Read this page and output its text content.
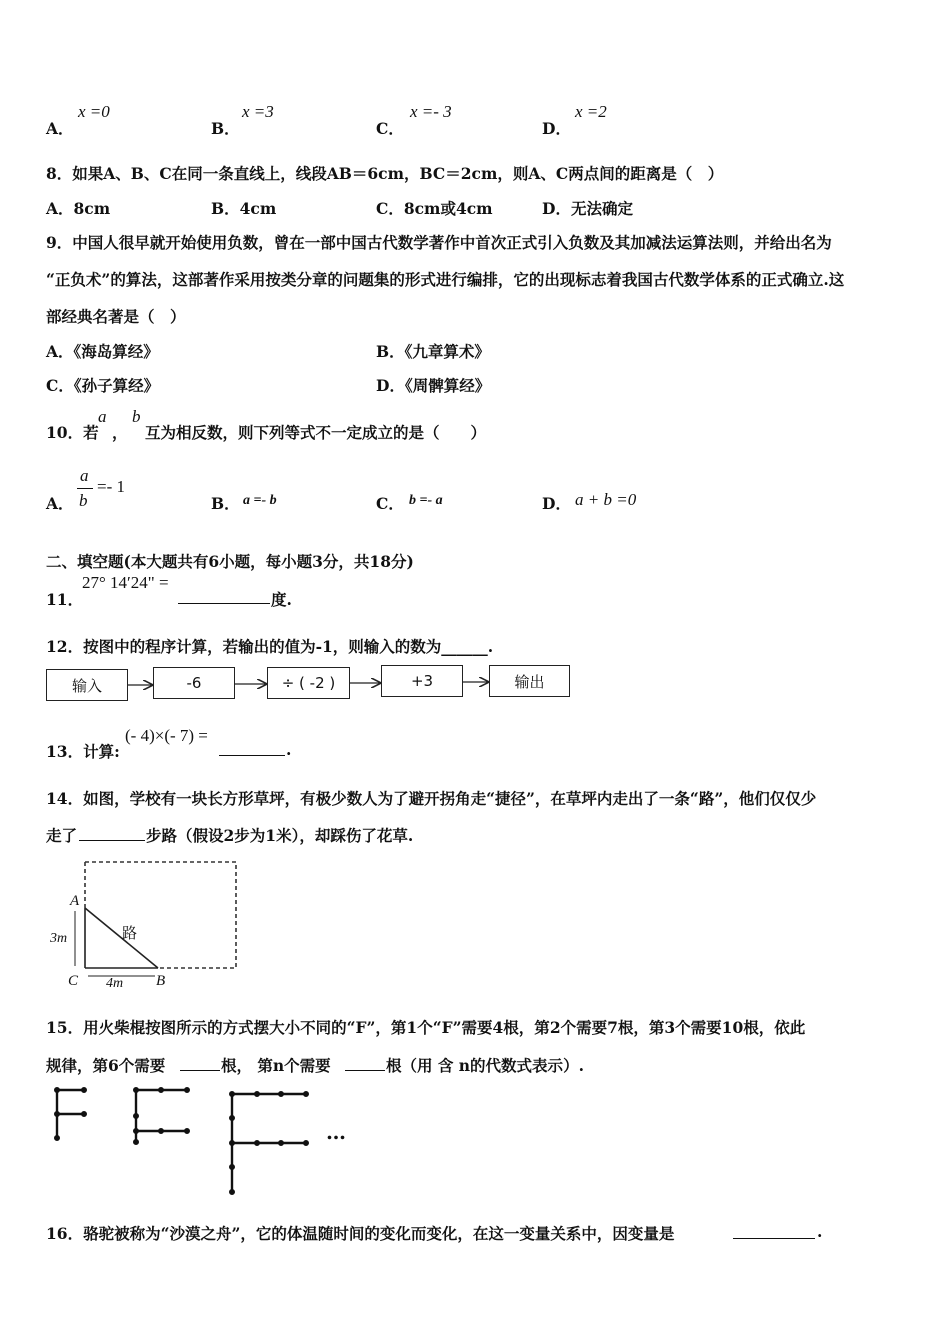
A．
x =0
B．
x =3
C．
x =- 3
D．
x =2
8．如果A、B、C在同一条直线上，线段AB＝6cm，BC＝2cm，则A、C两点间的距离是（　）
A．8cm	B．4cm	C．8cm或4cm	D．无法确定
9．中国人很早就开始使用负数，曾在一部中国古代数学著作中首次正式引入负数及其加减法运算法则，并给出名为
“正负术”的算法，这部著作采用按类分章的问题集的形式进行编排，它的出现标志着我国古代数学体系的正式确立.这
部经典名著是（　）
A．《海岛算经》	B．《九章算术》
C．《孙子算经》	D．《周髀算经》
10．若
a
，
b
互为相反数，则下列等式不一定成立的是（　　）
A．
a
b
=- 1
B． a =- b	C． b =- a	D． a + b =0
二、填空题(本大题共有6小题，每小题3分，共18分)
11．
27° 14′24" =
度.
12．按图中的程序计算，若输出的值为-1，则输入的数为______.
输入	-6	÷ ( -2 )	+3	输出
13．计算:
(- 4)×(- 7) =
.
14．如图，学校有一块长方形草坪，有极少数人为了避开拐角走“捷径”，在草坪内走出了一条“路”，他们仅仅少
走了	步路（假设2步为1米），却踩伤了花草.
A
C	B
路
3m
4m
15．用火柴棍按图所示的方式摆大小不同的“F”，第1个“F”需要4根，第2个需要7根，第3个需要10根，依此
规律，第6个需要	根， 第n个需要	根（用 含 n的代数式表示）.
…
16．骆驼被称为“沙漠之舟”，它的体温随时间的变化而变化，在这一变量关系中，因变量是	.
